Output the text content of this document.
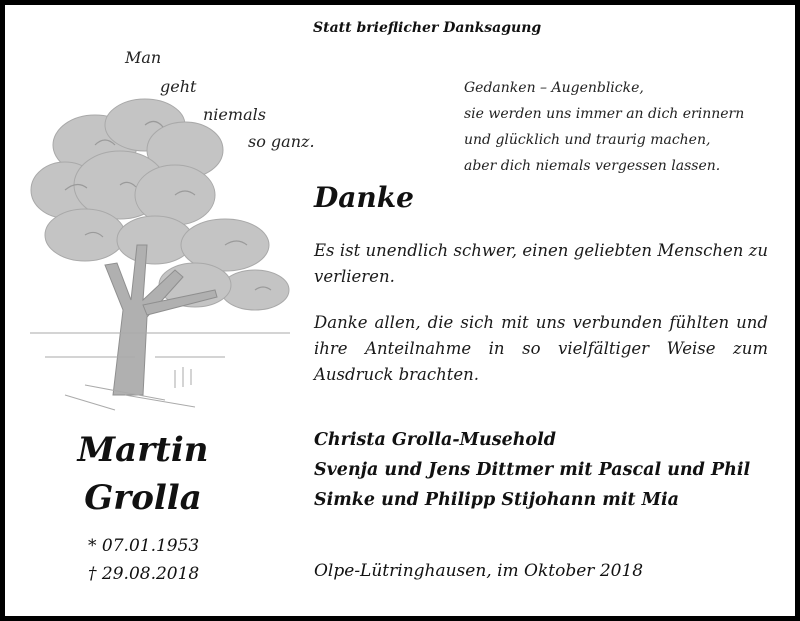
Statt brieflicher Danksagung
Man
geht
niemals
so ganz.
Gedanken – Augenblicke,
sie werden uns immer an dich erinnern
und glücklich und traurig machen,
aber dich niemals vergessen lassen.
Danke
Es ist unendlich schwer, einen geliebten Menschen zu verlieren.
Danke allen, die sich mit uns verbunden fühlten und ihre Anteilnahme in so vielfältiger Weise zum Ausdruck brachten.
Martin
Grolla
* 07.01.1953
† 29.08.2018
Christa Grolla-Musehold
Svenja und Jens Dittmer mit Pascal und Phil
Simke und Philipp Stijohann mit Mia
Olpe-Lütringhausen, im Oktober 2018
